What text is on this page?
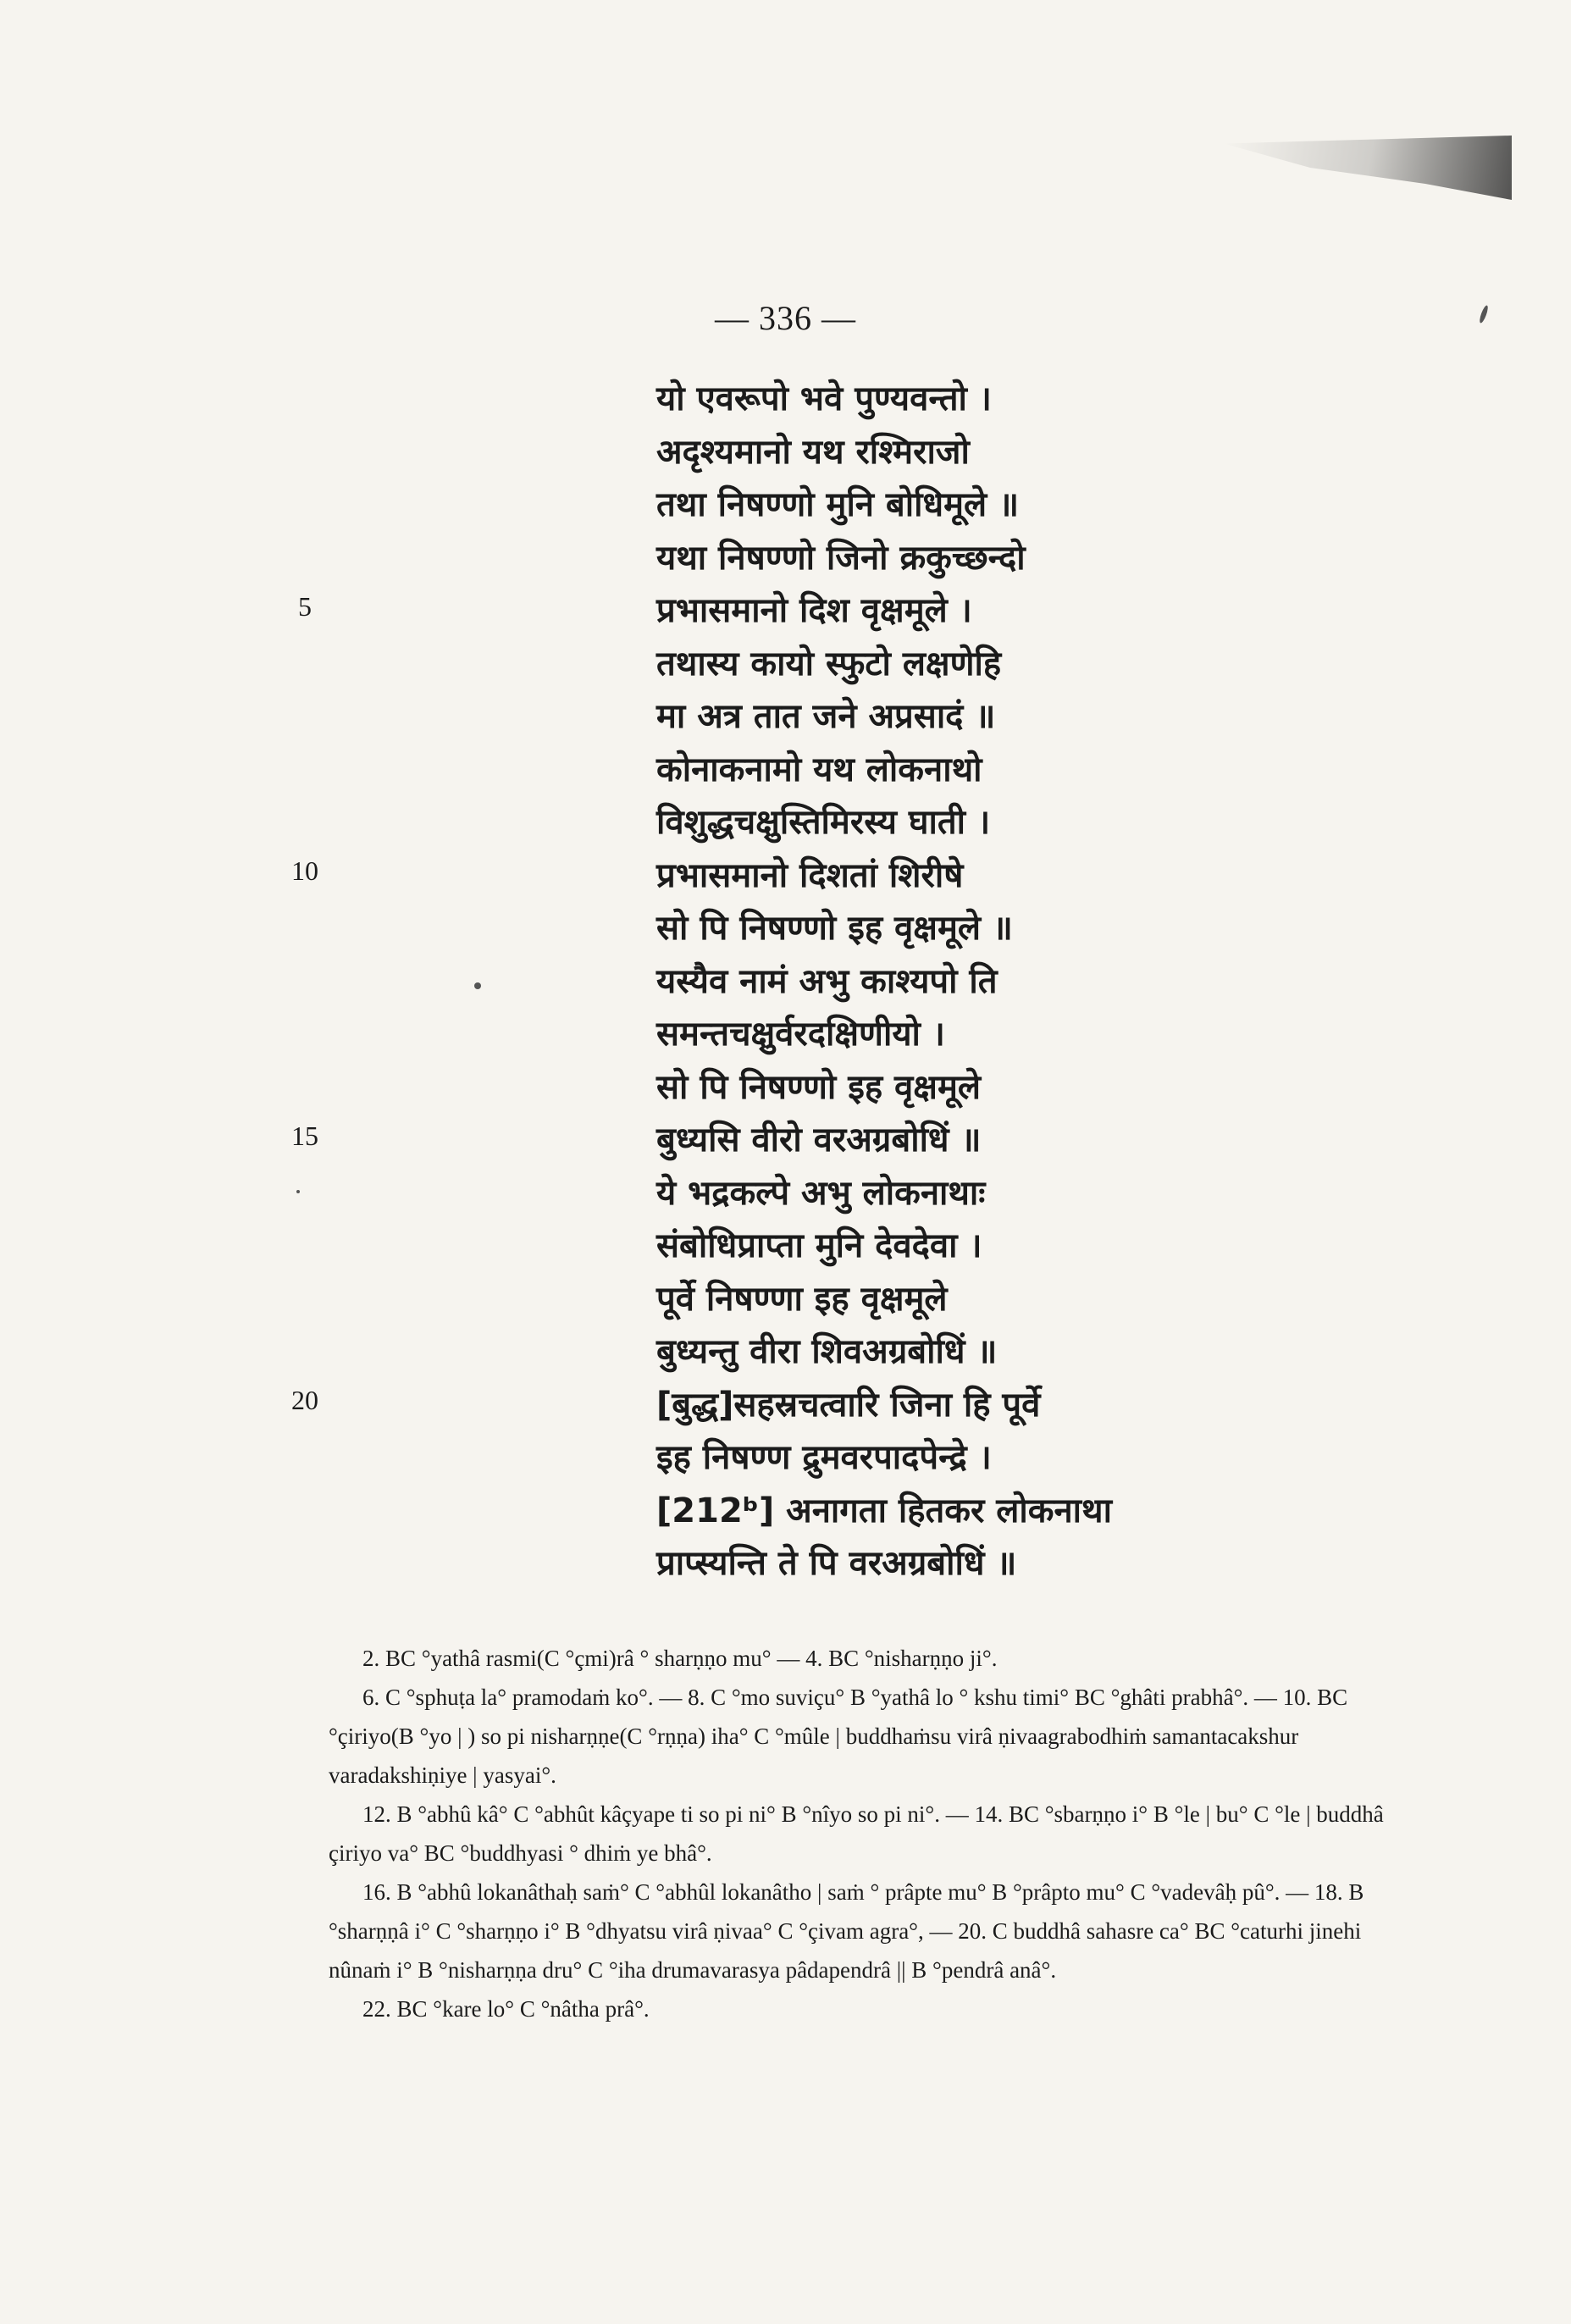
— 336 —
यो एवरूपो भवे पुण्यवन्तो ।
अदृश्यमानो यथ रश्मिराजो
तथा निषण्णो मुनि बोधिमूले ॥
यथा निषण्णो जिनो क्रकुच्छन्दो
प्रभासमानो दिश वृक्षमूले ।
तथास्य कायो स्फुटो लक्षणेहि
मा अत्र तात जने अप्रसादं ॥
कोनाकनामो यथ लोकनाथो
विशुद्धचक्षुस्तिमिरस्य घाती ।
प्रभासमानो दिशतां शिरीषे
सो पि निषण्णो इह वृक्षमूले ॥
यस्यैव नामं अभु काश्यपो ति
समन्तचक्षुर्वरदक्षिणीयो ।
सो पि निषण्णो इह वृक्षमूले
बुध्यसि वीरो वरअग्रबोधिं ॥
ये भद्रकल्पे अभु लोकनाथाः
संबोधिप्राप्ता मुनि देवदेवा ।
पूर्वे निषण्णा इह वृक्षमूले
बुध्यन्तु वीरा शिवअग्रबोधिं ॥
[बुद्ध]सहस्रचत्वारि जिना हि पूर्वे
इह निषण्ण द्रुमवरपादपेन्द्रे ।
[212ᵇ] अनागता हितकर लोकनाथा
प्राप्स्यन्ति ते पि वरअग्रबोधिं ॥
5
10
15
20

2. BC °yathâ rasmi(C °çmi)râ ° sharṇṇo mu° — 4. BC °nisharṇṇo ji°.

6. C °sphuṭa la° pramodaṁ ko°. — 8. C °mo suviçu° B °yathâ lo ° kshu timi° BC °ghâti prabhâ°. — 10. BC °çiriyo(B °yo | ) so pi nisharṇṇe(C °rṇṇa) iha° C °mûle | buddhaṁsu virâ ṇivaagrabodhiṁ samantacakshur varadakshiṇiye | yasyai°.

12. B °abhû kâ° C °abhût kâçyape ti so pi ni° B °nîyo so pi ni°. — 14. BC °sbarṇṇo i° B °le | bu° C °le | buddhâ çiriyo va° BC °buddhyasi ° dhiṁ ye bhâ°.

16. B °abhû lokanâthaḥ saṁ° C °abhûl lokanâtho | saṁ ° prâpte mu° B °prâpto mu° C °vadevâḥ pû°. — 18. B °sharṇṇâ i° C °sharṇṇo i° B °dhyatsu virâ ṇivaa° C °çivam agra°, — 20. C buddhâ sahasre ca° BC °caturhi jinehi nûnaṁ i° B °nisharṇṇa dru° C °iha drumavarasya pâdapendrâ || B °pendrâ anâ°.

22. BC °kare lo° C °nâtha prâ°.
